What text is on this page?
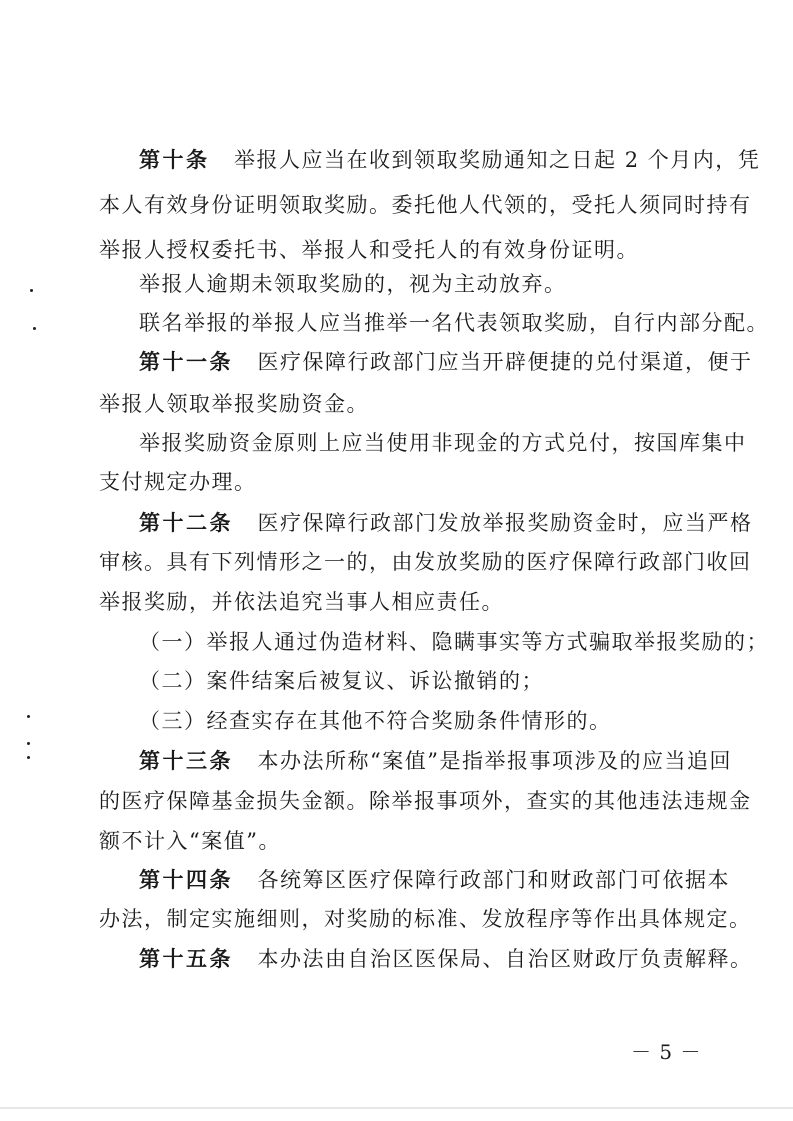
第十条 举报人应当在收到领取奖励通知之日起 2 个月内，凭
本人有效身份证明领取奖励。委托他人代领的，受托人须同时持有
举报人授权委托书、举报人和受托人的有效身份证明。
举报人逾期未领取奖励的，视为主动放弃。
联名举报的举报人应当推举一名代表领取奖励，自行内部分配。
第十一条 医疗保障行政部门应当开辟便捷的兑付渠道，便于
举报人领取举报奖励资金。
举报奖励资金原则上应当使用非现金的方式兑付，按国库集中
支付规定办理。
第十二条 医疗保障行政部门发放举报奖励资金时，应当严格
审核。具有下列情形之一的，由发放奖励的医疗保障行政部门收回
举报奖励，并依法追究当事人相应责任。
（一）举报人通过伪造材料、隐瞒事实等方式骗取举报奖励的；
（二）案件结案后被复议、诉讼撤销的；
（三）经查实存在其他不符合奖励条件情形的。
第十三条 本办法所称“案值”是指举报事项涉及的应当追回
的医疗保障基金损失金额。除举报事项外，查实的其他违法违规金
额不计入“案值”。
第十四条 各统筹区医疗保障行政部门和财政部门可依据本
办法，制定实施细则，对奖励的标准、发放程序等作出具体规定。
第十五条 本办法由自治区医保局、自治区财政厅负责解释。
－ 5 －
